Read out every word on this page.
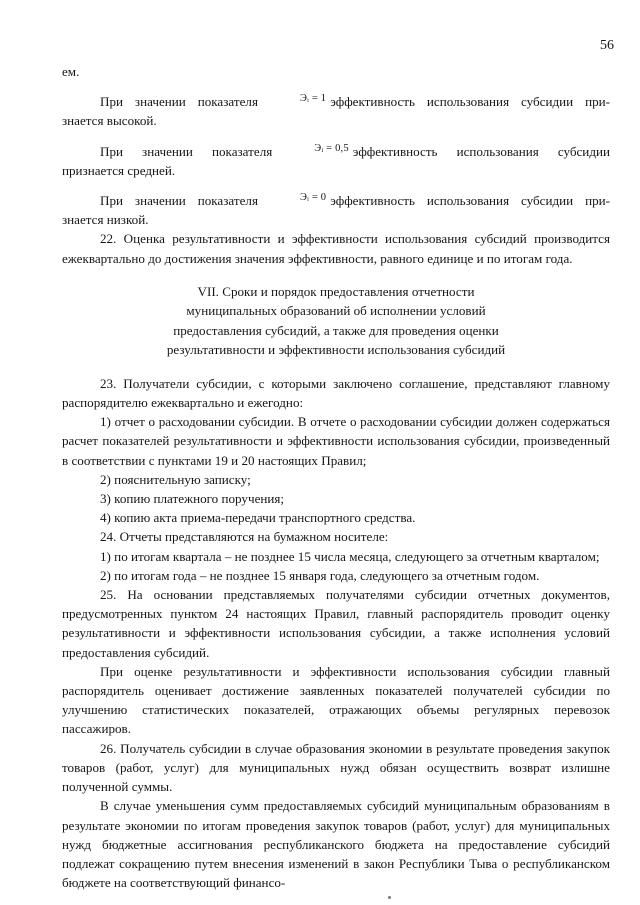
56

ем.

При значении показателя	Эᵢ = 1 эффективность использования субсидии при-

знается высокой.

При значении показателя	Эᵢ = 0,5 эффективность использования субсидии

признается средней.

При значении показателя	Эᵢ = 0 эффективность использования субсидии при-

знается низкой.

22. Оценка результативности и эффективности использования субсидий производится ежеквартально до достижения значения эффективности, равного единице и по итогам года.

VII. Сроки и порядок предоставления отчетности

муниципальных образований об исполнении условий

предоставления субсидий, а также для проведения оценки

результативности и эффективности использования субсидий

23. Получатели субсидии, с которыми заключено соглашение, представляют главному распорядителю ежеквартально и ежегодно:

1) отчет о расходовании субсидии. В отчете о расходовании субсидии должен содержаться расчет показателей результативности и эффективности использования субсидии, произведенный в соответствии с пунктами 19 и 20 настоящих Правил;

2) пояснительную записку;

3) копию платежного поручения;

4) копию акта приема-передачи транспортного средства.

24. Отчеты представляются на бумажном носителе:

1) по итогам квартала – не позднее 15 числа месяца, следующего за отчетным кварталом;

2) по итогам года – не позднее 15 января года, следующего за отчетным годом.

25. На основании представляемых получателями субсидии отчетных документов, предусмотренных пунктом 24 настоящих Правил, главный распорядитель проводит оценку результативности и эффективности использования субсидии, а также исполнения условий предоставления субсидий.

При оценке результативности и эффективности использования субсидии главный распорядитель оценивает достижение заявленных показателей получателей субсидии по улучшению статистических показателей, отражающих объемы регулярных перевозок пассажиров.

26. Получатель субсидии в случае образования экономии в результате проведения закупок товаров (работ, услуг) для муниципальных нужд обязан осуществить возврат излишне полученной суммы.

В случае уменьшения сумм предоставляемых субсидий муниципальным образованиям в результате экономии по итогам проведения закупок товаров (работ, услуг) для муниципальных нужд бюджетные ассигнования республиканского бюджета на предоставление субсидий подлежат сокращению путем внесения изменений в закон Республики Тыва о республиканском бюджете на соответствующий финансо-
